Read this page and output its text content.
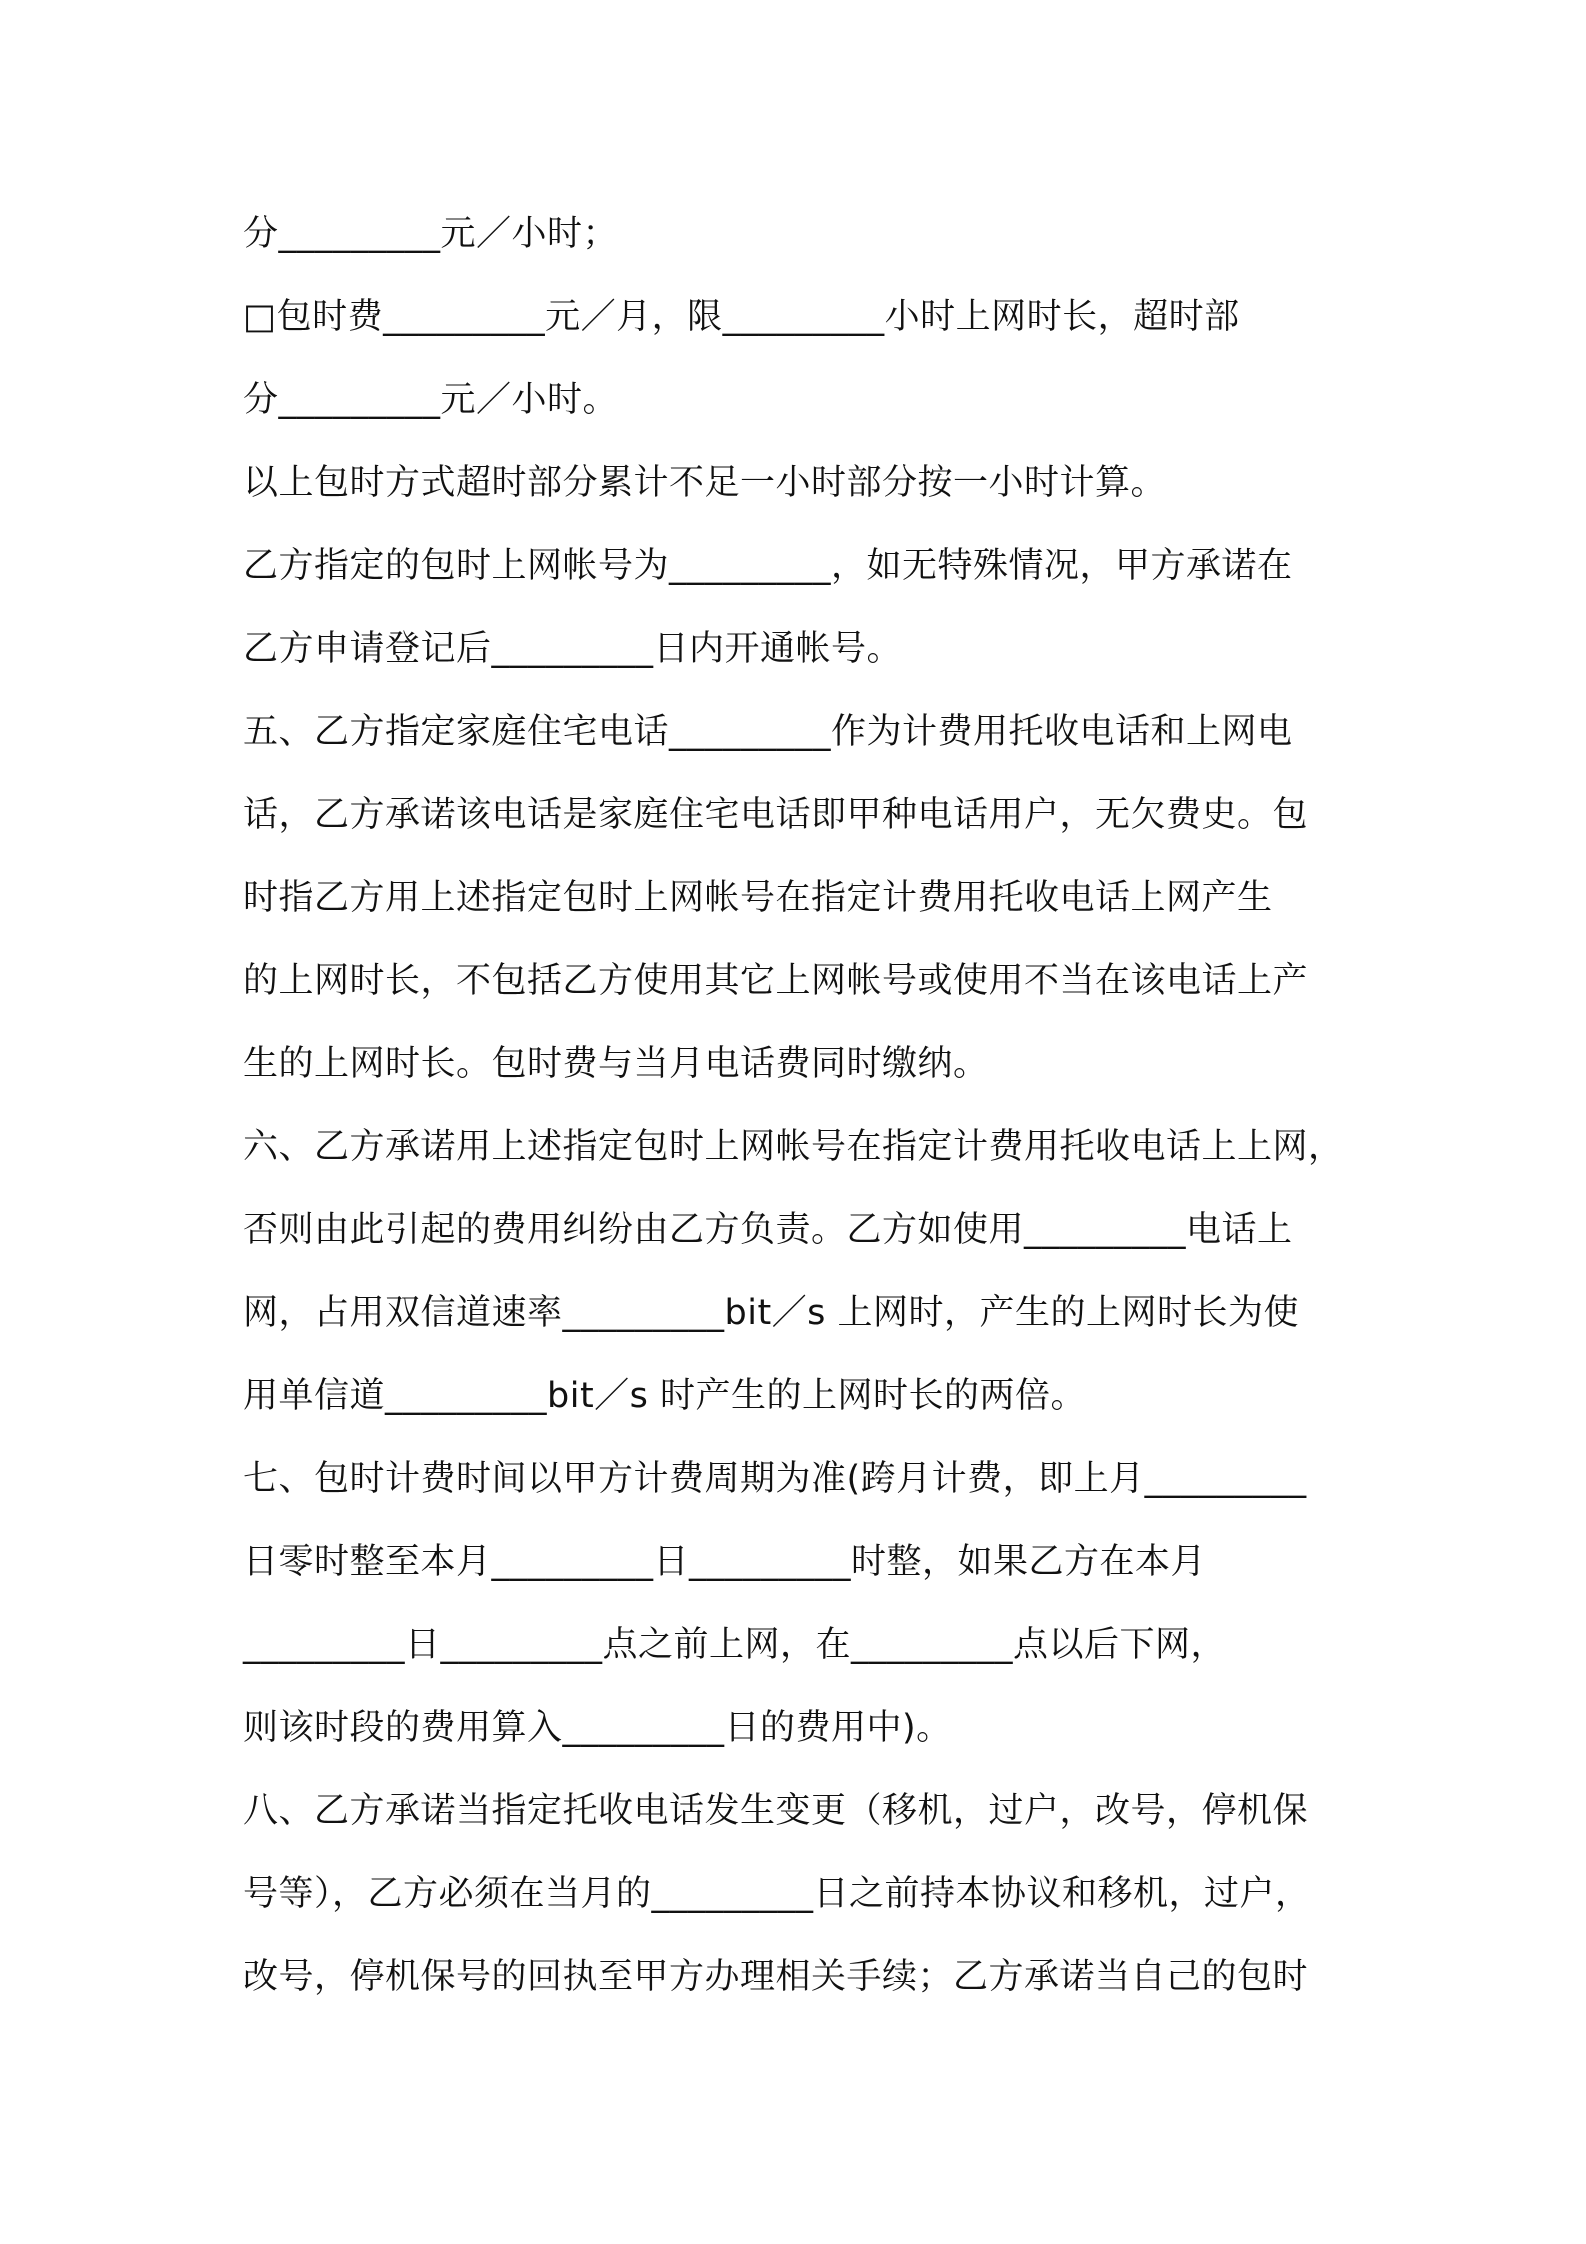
分_________元／小时；
□包时费_________元／月，限_________小时上网时长，超时部
分_________元／小时。
以上包时方式超时部分累计不足一小时部分按一小时计算。
乙方指定的包时上网帐号为_________，如无特殊情况，甲方承诺在
乙方申请登记后_________日内开通帐号。
五、乙方指定家庭住宅电话_________作为计费用托收电话和上网电
话，乙方承诺该电话是家庭住宅电话即甲种电话用户，无欠费史。包
时指乙方用上述指定包时上网帐号在指定计费用托收电话上网产生
的上网时长，不包括乙方使用其它上网帐号或使用不当在该电话上产
生的上网时长。包时费与当月电话费同时缴纳。
六、乙方承诺用上述指定包时上网帐号在指定计费用托收电话上上网，
否则由此引起的费用纠纷由乙方负责。乙方如使用_________电话上
网，占用双信道速率_________bit／s 上网时，产生的上网时长为使
用单信道_________bit／s 时产生的上网时长的两倍。
七、包时计费时间以甲方计费周期为准(跨月计费，即上月_________
日零时整至本月_________日_________时整，如果乙方在本月
_________日_________点之前上网，在_________点以后下网，
则该时段的费用算入_________日的费用中)。
八、乙方承诺当指定托收电话发生变更（移机，过户，改号，停机保
号等），乙方必须在当月的_________日之前持本协议和移机，过户，
改号，停机保号的回执至甲方办理相关手续；乙方承诺当自己的包时
